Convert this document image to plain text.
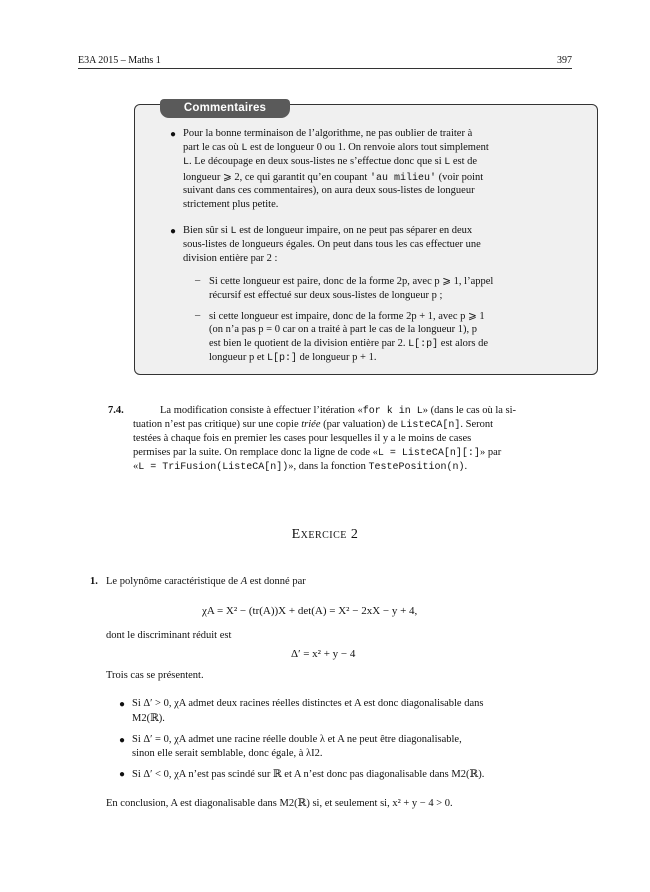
E3A 2015 – Maths 1	397
Commentaires
● Pour la bonne terminaison de l’algorithme, ne pas oublier de traiter à
part le cas où L est de longueur 0 ou 1. On renvoie alors tout simplement
L. Le découpage en deux sous-listes ne s’effectue donc que si L est de
longueur ⩾ 2, ce qui garantit qu’en coupant 'au milieu' (voir point
suivant dans ces commentaires), on aura deux sous-listes de longueur
strictement plus petite.
● Bien sûr si L est de longueur impaire, on ne peut pas séparer en deux
sous-listes de longueurs égales. On peut dans tous les cas effectuer une
division entière par 2 :
– Si cette longueur est paire, donc de la forme 2p, avec p ⩾ 1, l’appel
récursif est effectué sur deux sous-listes de longueur p ;
– si cette longueur est impaire, donc de la forme 2p + 1, avec p ⩾ 1
(on n’a pas p = 0 car on a traité à part le cas de la longueur 1), p
est bien le quotient de la division entière par 2. L[:p] est alors de
longueur p et L[p:] de longueur p + 1.
7.4.	La modification consiste à effectuer l’itération «for k in L» (dans le cas où la si-
tuation n’est pas critique) sur une copie triée (par valuation) de ListeCA[n]. Seront
testées à chaque fois en premier les cases pour lesquelles il y a le moins de cases
permises par la suite. On remplace donc la ligne de code «L = ListeCA[n][:]» par
«L = TriFusion(ListeCA[n])», dans la fonction TestePosition(n).
Exercice 2
1. Le polynôme caractéristique de A est donné par
χA = X² − (tr(A))X + det(A) = X² − 2xX − y + 4,
dont le discriminant réduit est
Δ′ = x² + y − 4
Trois cas se présentent.
● Si Δ′ > 0, χA admet deux racines réelles distinctes et A est donc diagonalisable dans
M2(ℝ).
● Si Δ′ = 0, χA admet une racine réelle double λ et A ne peut être diagonalisable,
sinon elle serait semblable, donc égale, à λI2.
● Si Δ′ < 0, χA n’est pas scindé sur ℝ et A n’est donc pas diagonalisable dans M2(ℝ).
En conclusion, A est diagonalisable dans M2(ℝ) si, et seulement si, x² + y − 4 > 0.
